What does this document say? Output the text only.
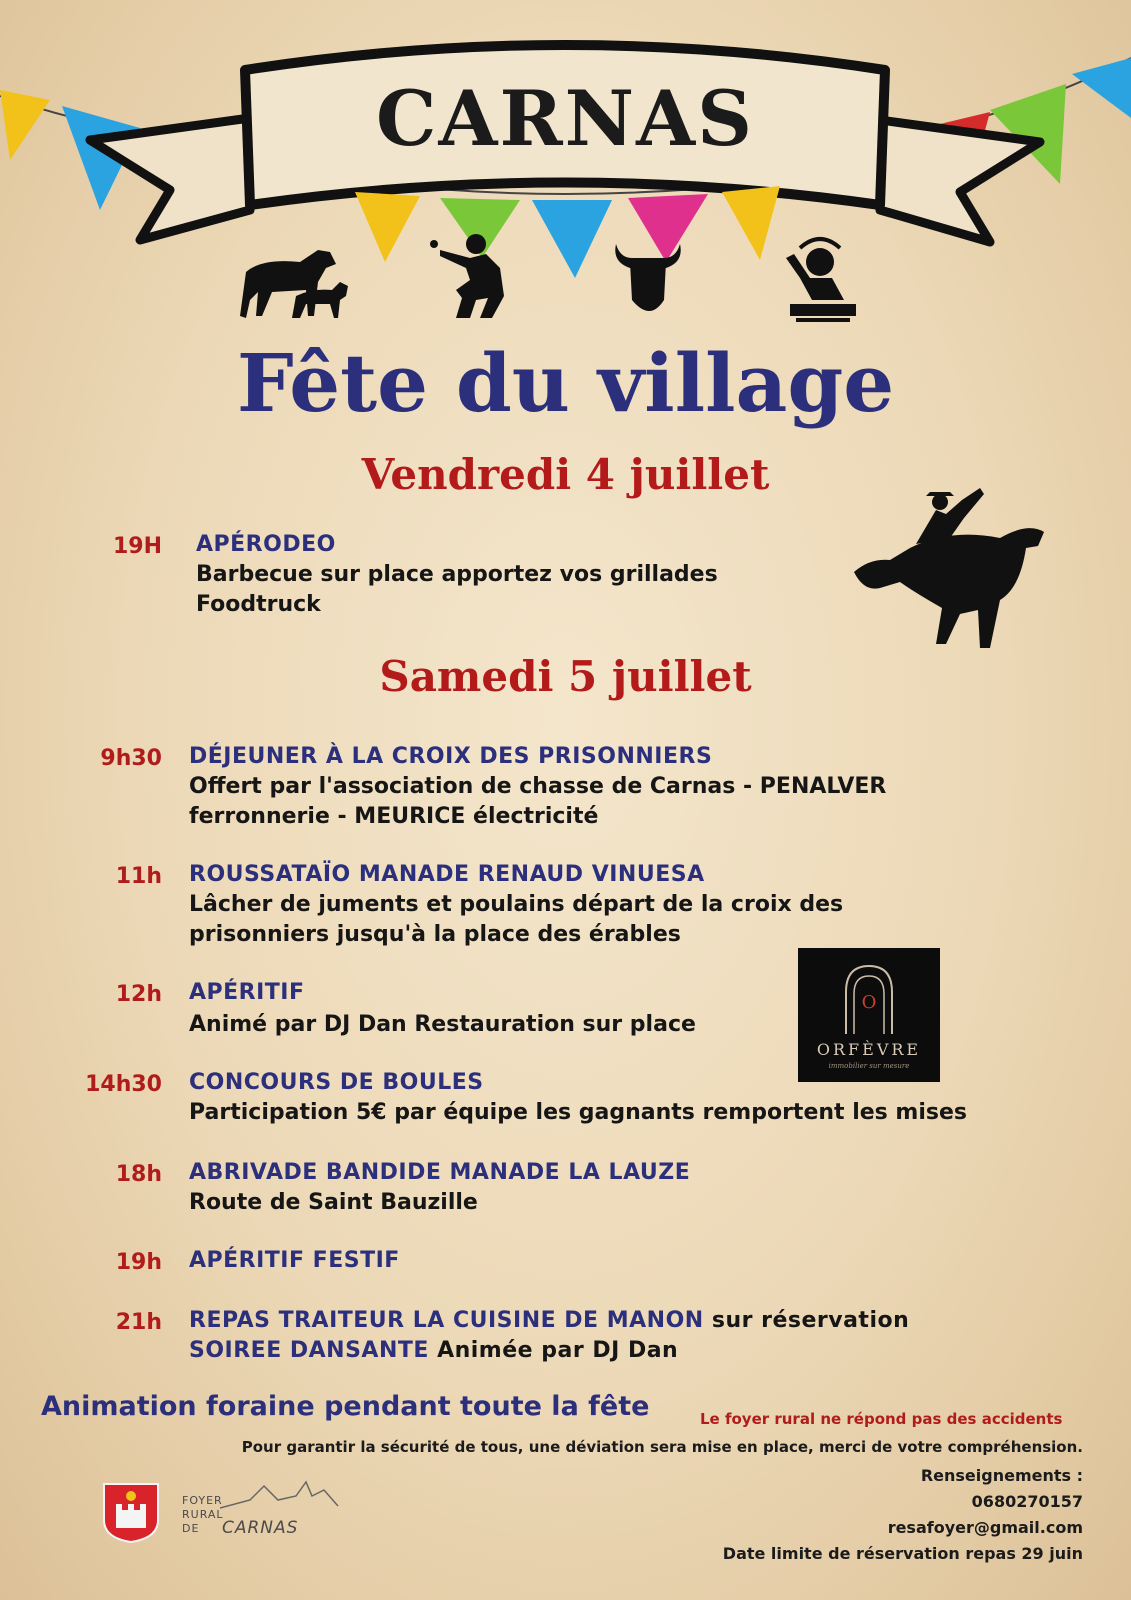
CARNAS
Fête du village
Vendredi 4 juillet
19H APÉRODEO
Barbecue sur place apportez vos grillades
Foodtruck
Samedi 5 juillet
9h30 DÉJEUNER À LA CROIX DES PRISONNIERS
Offert par l'association de chasse de Carnas - PENALVER
ferronnerie - MEURICE électricité
11h ROUSSATAÏO MANADE RENAUD VINUESA
Lâcher de juments et poulains départ de la croix des
prisonniers jusqu'à la place des érables
12h APÉRITIF
Animé par DJ Dan Restauration sur place
O
ORFÈVRE
immobilier sur mesure
14h30 CONCOURS DE BOULES
Participation 5€ par équipe les gagnants remportent les mises
18h ABRIVADE BANDIDE MANADE LA LAUZE
Route de Saint Bauzille
19h APÉRITIF FESTIF
21h REPAS TRAITEUR LA CUISINE DE MANON sur réservation
SOIREE DANSANTE Animée par DJ Dan
Animation foraine pendant toute la fête	Le foyer rural ne répond pas des accidents
Pour garantir la sécurité de tous, une déviation sera mise en place, merci de votre compréhension.
Renseignements :
0680270157
resafoyer@gmail.com
Date limite de réservation repas 29 juin
FOYER
RURAL
DE CARNAS
